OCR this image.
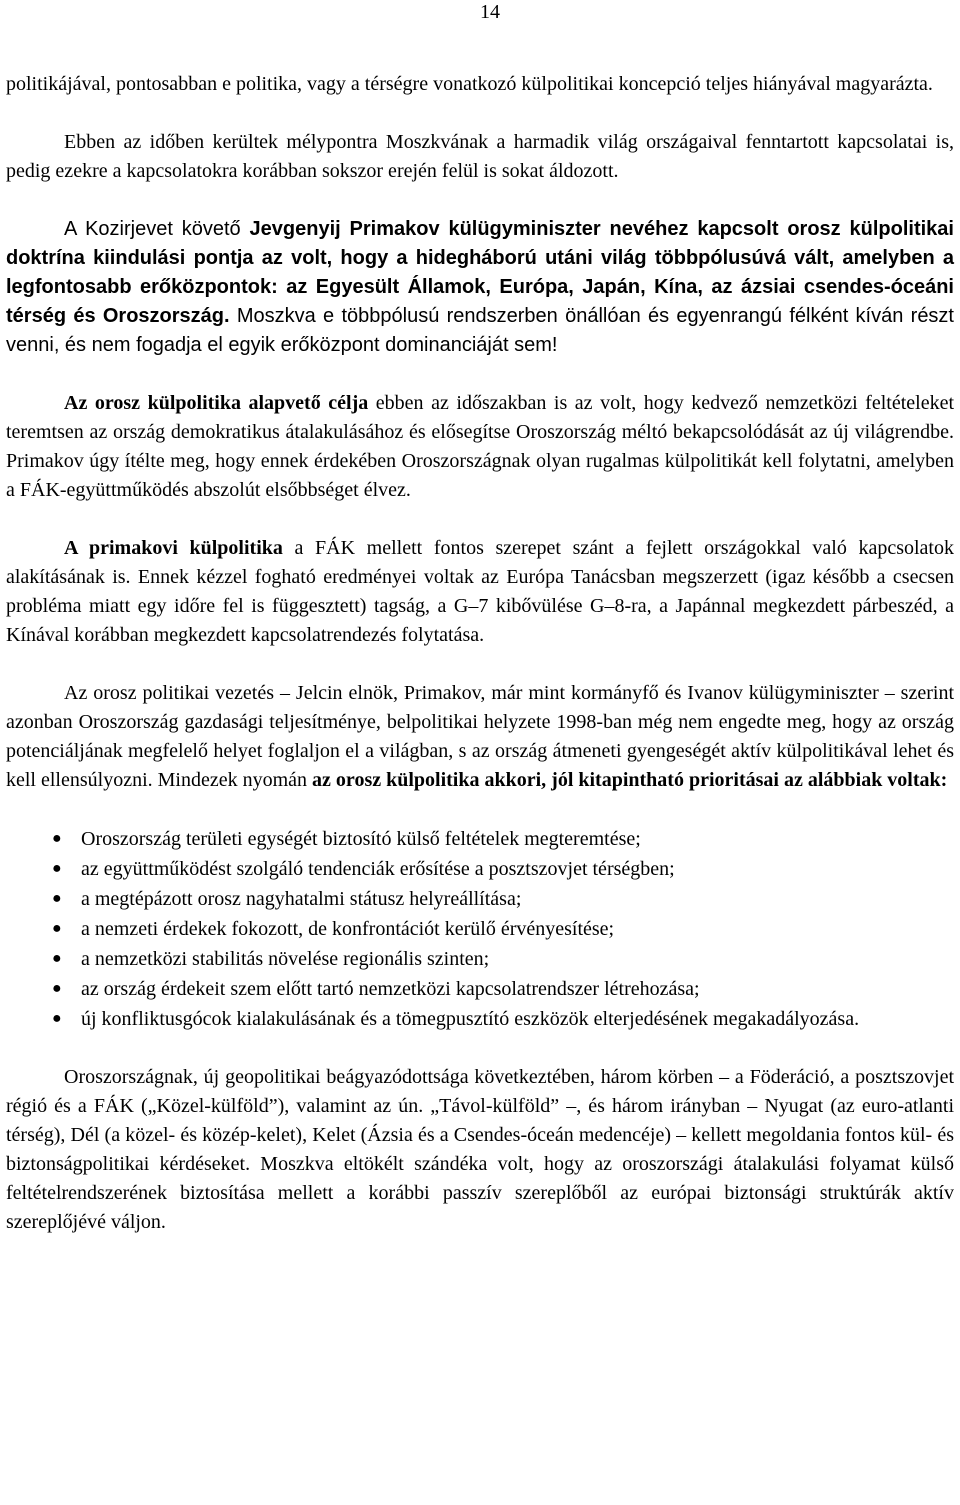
14

politikájával, pontosabban e politika, vagy a térségre vonatkozó külpolitikai koncepció teljes hiányával magyarázta.

Ebben az időben kerültek mélypontra Moszkvának a harmadik világ országaival fenntartott kapcsolatai is, pedig ezekre a kapcsolatokra korábban sokszor erején felül is sokat áldozott.

A Kozirjevet követő Jevgenyij Primakov külügyminiszter nevéhez kapcsolt orosz külpolitikai doktrína kiindulási pontja az volt, hogy a hidegháború utáni világ többpólusúvá vált, amelyben a legfontosabb erőközpontok: az Egyesült Államok, Európa, Japán, Kína, az ázsiai csendes-óceáni térség és Oroszország. Moszkva e többpólusú rendszerben önállóan és egyenrangú félként kíván részt venni, és nem fogadja el egyik erőközpont dominanciáját sem!

Az orosz külpolitika alapvető célja ebben az időszakban is az volt, hogy kedvező nemzetközi feltételeket teremtsen az ország demokratikus átalakulásához és elősegítse Oroszország méltó bekapcsolódását az új világrendbe. Primakov úgy ítélte meg, hogy ennek érdekében Oroszországnak olyan rugalmas külpolitikát kell folytatni, amelyben a FÁK-együttműködés abszolút elsőbbséget élvez.

A primakovi külpolitika a FÁK mellett fontos szerepet szánt a fejlett országokkal való kapcsolatok alakításának is. Ennek kézzel fogható eredményei voltak az Európa Tanácsban megszerzett (igaz később a csecsen probléma miatt egy időre fel is függesztett) tagság, a G–7 kibővülése G–8-ra, a Japánnal megkezdett párbeszéd, a Kínával korábban megkezdett kapcsolatrendezés folytatása.

Az orosz politikai vezetés – Jelcin elnök, Primakov, már mint kormányfő és Ivanov külügyminiszter – szerint azonban Oroszország gazdasági teljesítménye, belpolitikai helyzete 1998-ban még nem engedte meg, hogy az ország potenciáljának megfelelő helyet foglaljon el a világban, s az ország átmeneti gyengeségét aktív külpolitikával lehet és kell ellensúlyozni. Mindezek nyomán az orosz külpolitika akkori, jól kitapintható prioritásai az alábbiak voltak:

● Oroszország területi egységét biztosító külső feltételek megteremtése;
● az együttműködést szolgáló tendenciák erősítése a posztszovjet térségben;
● a megtépázott orosz nagyhatalmi státusz helyreállítása;
● a nemzeti érdekek fokozott, de konfrontációt kerülő érvényesítése;
● a nemzetközi stabilitás növelése regionális szinten;
● az ország érdekeit szem előtt tartó nemzetközi kapcsolatrendszer létrehozása;
● új konfliktusgócok kialakulásának és a tömegpusztító eszközök elterjedésének megakadályozása.

Oroszországnak, új geopolitikai beágyazódottsága következtében, három körben – a Föderáció, a posztszovjet régió és a FÁK („Közel-külföld”), valamint az ún. „Távol-külföld” –, és három irányban – Nyugat (az euro-atlanti térség), Dél (a közel- és közép-kelet), Kelet (Ázsia és a Csendes-óceán medencéje) – kellett megoldania fontos kül- és biztonságpolitikai kérdéseket. Moszkva eltökélt szándéka volt, hogy az oroszországi átalakulási folyamat külső feltételrendszerének biztosítása mellett a korábbi passzív szereplőből az európai biztonsági struktúrák aktív szereplőjévé váljon.
